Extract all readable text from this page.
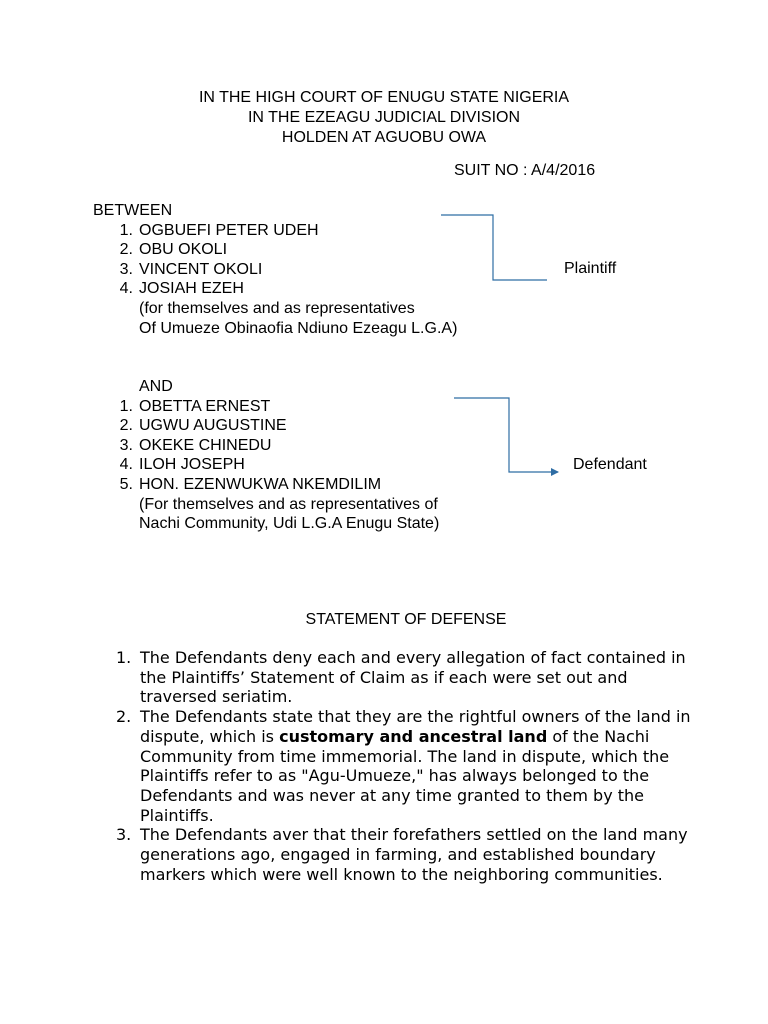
IN THE HIGH COURT OF ENUGU STATE NIGERIA
IN THE EZEAGU JUDICIAL DIVISION
HOLDEN AT AGUOBU OWA
SUIT NO : A/4/2016
BETWEEN
1. OGBUEFI PETER UDEH
2. OBU OKOLI
3. VINCENT OKOLI
4. JOSIAH EZEH
(for themselves and as representatives
Of Umueze Obinaofia Ndiuno Ezeagu L.G.A)
Plaintiff
AND
1. OBETTA ERNEST
2. UGWU AUGUSTINE
3. OKEKE CHINEDU
4. ILOH JOSEPH
5. HON. EZENWUKWA NKEMDILIM
(For themselves and as representatives of
Nachi Community, Udi L.G.A Enugu State)
Defendant
STATEMENT OF DEFENSE
1. The Defendants deny each and every allegation of fact contained in the Plaintiffs’ Statement of Claim as if each were set out and traversed seriatim.
2. The Defendants state that they are the rightful owners of the land in dispute, which is customary and ancestral land of the Nachi Community from time immemorial. The land in dispute, which the Plaintiffs refer to as "Agu-Umueze," has always belonged to the Defendants and was never at any time granted to them by the Plaintiffs.
3. The Defendants aver that their forefathers settled on the land many generations ago, engaged in farming, and established boundary markers which were well known to the neighboring communities.
